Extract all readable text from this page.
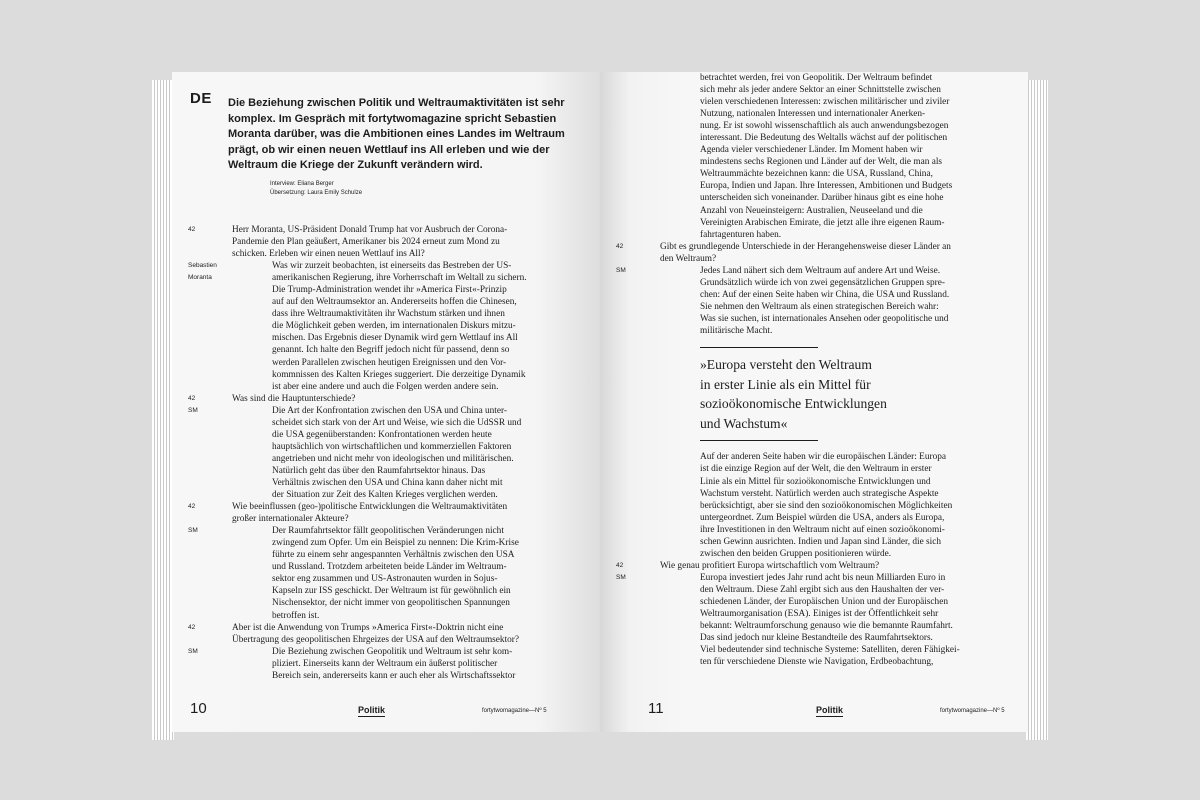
DE Die Beziehung zwischen Politik und Weltraumaktivitäten ist sehr komplex. Im Gespräch mit fortytwomagazine spricht Sebastien Moranta darüber, was die Ambitionen eines Landes im Weltraum prägt, ob wir einen neuen Wettlauf ins All erleben und wie der Weltraum die Kriege der Zukunft verändern wird.

Interview: Eliana Berger
Übersetzung: Laura Emily Schulze
42	Herr Moranta, US-Präsident Donald Trump hat vor Ausbruch der Corona-
Pandemie den Plan geäußert, Amerikaner bis 2024 erneut zum Mond zu
schicken. Erleben wir einen neuen Wettlauf ins All?
Sebastien
Moranta
Was wir zurzeit beobachten, ist einerseits das Bestreben der US-
amerikanischen Regierung, ihre Vorherrschaft im Weltall zu sichern.
Die Trump-Administration wendet ihr »America First«-Prinzip
auf auf den Weltraumsektor an. Andererseits hoffen die Chinesen,
dass ihre Weltraumaktivitäten ihr Wachstum stärken und ihnen
die Möglichkeit geben werden, im internationalen Diskurs mitzu-
mischen. Das Ergebnis dieser Dynamik wird gern Wettlauf ins All
genannt. Ich halte den Begriff jedoch nicht für passend, denn so
werden Parallelen zwischen heutigen Ereignissen und den Vor-
kommnissen des Kalten Krieges suggeriert. Die derzeitige Dynamik
ist aber eine andere und auch die Folgen werden andere sein.
42	Was sind die Hauptunterschiede?
SM	Die Art der Konfrontation zwischen den USA und China unter-
scheidet sich stark von der Art und Weise, wie sich die UdSSR und
die USA gegenüberstanden: Konfrontationen werden heute
hauptsächlich von wirtschaftlichen und kommerziellen Faktoren
angetrieben und nicht mehr von ideologischen und militärischen.
Natürlich geht das über den Raumfahrtsektor hinaus. Das
Verhältnis zwischen den USA und China kann daher nicht mit
der Situation zur Zeit des Kalten Krieges verglichen werden.
42	Wie beeinflussen (geo-)politische Entwicklungen die Weltraumaktivitäten
großer internationaler Akteure?
SM	Der Raumfahrtsektor fällt geopolitischen Veränderungen nicht
zwingend zum Opfer. Um ein Beispiel zu nennen: Die Krim-Krise
führte zu einem sehr angespannten Verhältnis zwischen den USA
und Russland. Trotzdem arbeiteten beide Länder im Weltraum-
sektor eng zusammen und US-Astronauten wurden in Sojus-
Kapseln zur ISS geschickt. Der Weltraum ist für gewöhnlich ein
Nischensektor, der nicht immer von geopolitischen Spannungen
betroffen ist.
42	Aber ist die Anwendung von Trumps »America First«-Doktrin nicht eine
Übertragung des geopolitischen Ehrgeizes der USA auf den Weltraumsektor?
SM	Die Beziehung zwischen Geopolitik und Weltraum ist sehr kom-
pliziert. Einerseits kann der Weltraum ein äußerst politischer
Bereich sein, andererseits kann er auch eher als Wirtschaftssektor
10	Politik	fortytwomagazine—Nº 5
betrachtet werden, frei von Geopolitik. Der Weltraum befindet
sich mehr als jeder andere Sektor an einer Schnittstelle zwischen
vielen verschiedenen Interessen: zwischen militärischer und ziviler
Nutzung, nationalen Interessen und internationaler Anerken-
nung. Er ist sowohl wissenschaftlich als auch anwendungsbezogen
interessant. Die Bedeutung des Weltalls wächst auf der politischen
Agenda vieler verschiedener Länder. Im Moment haben wir
mindestens sechs Regionen und Länder auf der Welt, die man als
Weltraummächte bezeichnen kann: die USA, Russland, China,
Europa, Indien und Japan. Ihre Interessen, Ambitionen und Budgets
unterscheiden sich voneinander. Darüber hinaus gibt es eine hohe
Anzahl von Neueinsteigern: Australien, Neuseeland und die
Vereinigten Arabischen Emirate, die jetzt alle ihre eigenen Raum-
fahrtagenturen haben.
42	Gibt es grundlegende Unterschiede in der Herangehensweise dieser Länder an
den Weltraum?
SM	Jedes Land nähert sich dem Weltraum auf andere Art und Weise.
Grundsätzlich würde ich von zwei gegensätzlichen Gruppen spre-
chen: Auf der einen Seite haben wir China, die USA und Russland.
Sie nehmen den Weltraum als einen strategischen Bereich wahr:
Was sie suchen, ist internationales Ansehen oder geopolitische und
militärische Macht.
»Europa versteht den Weltraum
in erster Linie als ein Mittel für
sozioökonomische Entwicklungen
und Wachstum«
Auf der anderen Seite haben wir die europäischen Länder: Europa
ist die einzige Region auf der Welt, die den Weltraum in erster
Linie als ein Mittel für sozioökonomische Entwicklungen und
Wachstum versteht. Natürlich werden auch strategische Aspekte
berücksichtigt, aber sie sind den sozioökonomischen Möglichkeiten
untergeordnet. Zum Beispiel würden die USA, anders als Europa,
ihre Investitionen in den Weltraum nicht auf einen sozioökonomi-
schen Gewinn ausrichten. Indien und Japan sind Länder, die sich
zwischen den beiden Gruppen positionieren würde.
42	Wie genau profitiert Europa wirtschaftlich vom Weltraum?
SM	Europa investiert jedes Jahr rund acht bis neun Milliarden Euro in
den Weltraum. Diese Zahl ergibt sich aus den Haushalten der ver-
schiedenen Länder, der Europäischen Union und der Europäischen
Weltraumorganisation (ESA). Einiges ist der Öffentlichkeit sehr
bekannt: Weltraumforschung genauso wie die bemannte Raumfahrt.
Das sind jedoch nur kleine Bestandteile des Raumfahrtsektors.
Viel bedeutender sind technische Systeme: Satelliten, deren Fähigkei-
ten für verschiedene Dienste wie Navigation, Erdbeobachtung,
11	Politik	fortytwomagazine—Nº 5
